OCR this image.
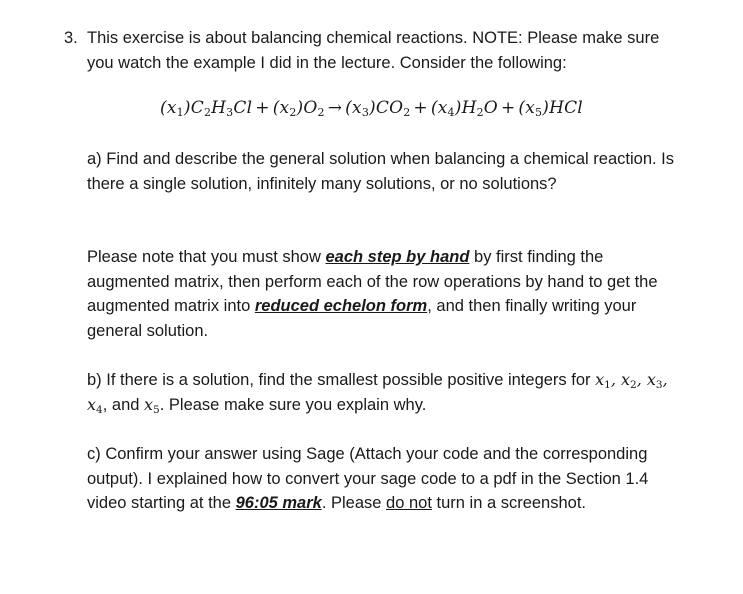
3. This exercise is about balancing chemical reactions. NOTE: Please make sure you watch the example I did in the lecture. Consider the following:
$(x_1)C_2H_3Cl + (x_2)O_2 \to (x_3)CO_2 + (x_4)H_2O + (x_5)HCl$
a) Find and describe the general solution when balancing a chemical reaction. Is there a single solution, infinitely many solutions, or no solutions?
Please note that you must show each step by hand by first finding the augmented matrix, then perform each of the row operations by hand to get the augmented matrix into reduced echelon form, and then finally writing your general solution.
b) If there is a solution, find the smallest possible positive integers for $x_1$, $x_2$, $x_3$, $x_4$, and $x_5$. Please make sure you explain why.
c) Confirm your answer using Sage (Attach your code and the corresponding output). I explained how to convert your sage code to a pdf in the Section 1.4 video starting at the 96:05 mark. Please do not turn in a screenshot.
